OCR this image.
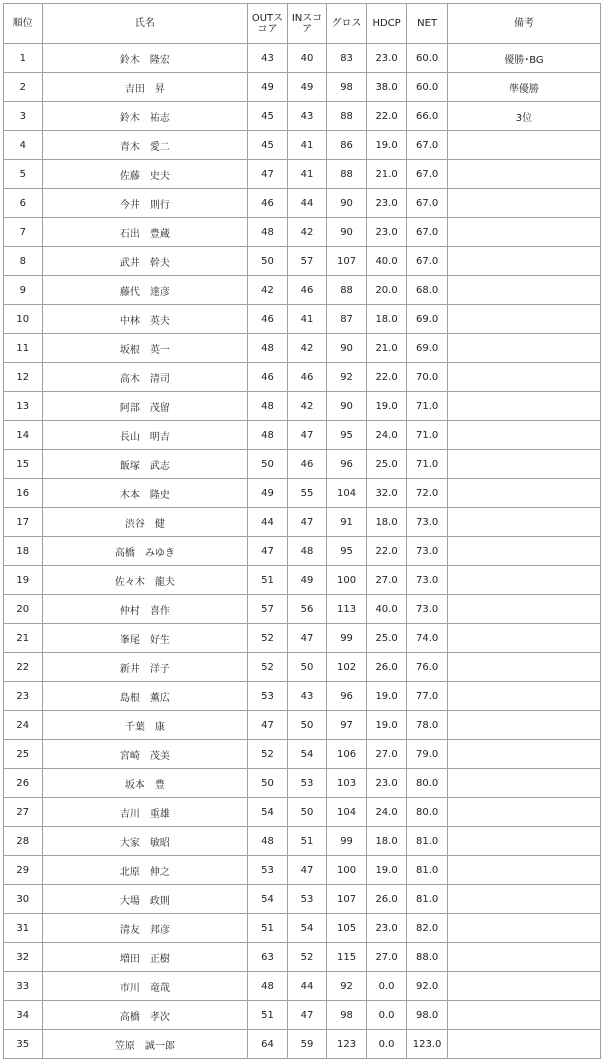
順位	氏名	OUTスコア	INスコア	グロス	HDCP	NET	備考
1	鈴木　隆宏	43	40	83	23.0	60.0	優勝･BG
2	吉田　昇	49	49	98	38.0	60.0	準優勝
3	鈴木　祐志	45	43	88	22.0	66.0	3位
4	青木　愛二	45	41	86	19.0	67.0	
5	佐藤　史夫	47	41	88	21.0	67.0	
6	今井　則行	46	44	90	23.0	67.0	
7	石出　豊蔵	48	42	90	23.0	67.0	
8	武井　幹夫	50	57	107	40.0	67.0	
9	藤代　達彦	42	46	88	20.0	68.0	
10	中林　英夫	46	41	87	18.0	69.0	
11	坂根　英一	48	42	90	21.0	69.0	
12	高木　清司	46	46	92	22.0	70.0	
13	阿部　茂留	48	42	90	19.0	71.0	
14	長山　明吉	48	47	95	24.0	71.0	
15	飯塚　武志	50	46	96	25.0	71.0	
16	木本　隆史	49	55	104	32.0	72.0	
17	渋谷　健	44	47	91	18.0	73.0	
18	高橋　みゆき	47	48	95	22.0	73.0	
19	佐々木　龍夫	51	49	100	27.0	73.0	
20	仲村　喜作	57	56	113	40.0	73.0	
21	峯尾　好生	52	47	99	25.0	74.0	
22	新井　洋子	52	50	102	26.0	76.0	
23	島根　薫広	53	43	96	19.0	77.0	
24	千葉　康	47	50	97	19.0	78.0	
25	宮崎　茂美	52	54	106	27.0	79.0	
26	坂本　豊	50	53	103	23.0	80.0	
27	吉川　重雄	54	50	104	24.0	80.0	
28	大家　敏昭	48	51	99	18.0	81.0	
29	北原　伸之	53	47	100	19.0	81.0	
30	大場　政則	54	53	107	26.0	81.0	
31	清友　邦彦	51	54	105	23.0	82.0	
32	増田　正樹	63	52	115	27.0	88.0	
33	市川　竜哉	48	44	92	0.0	92.0	
34	高橋　孝次	51	47	98	0.0	98.0	
35	笠原　誠一郎	64	59	123	0.0	123.0	
